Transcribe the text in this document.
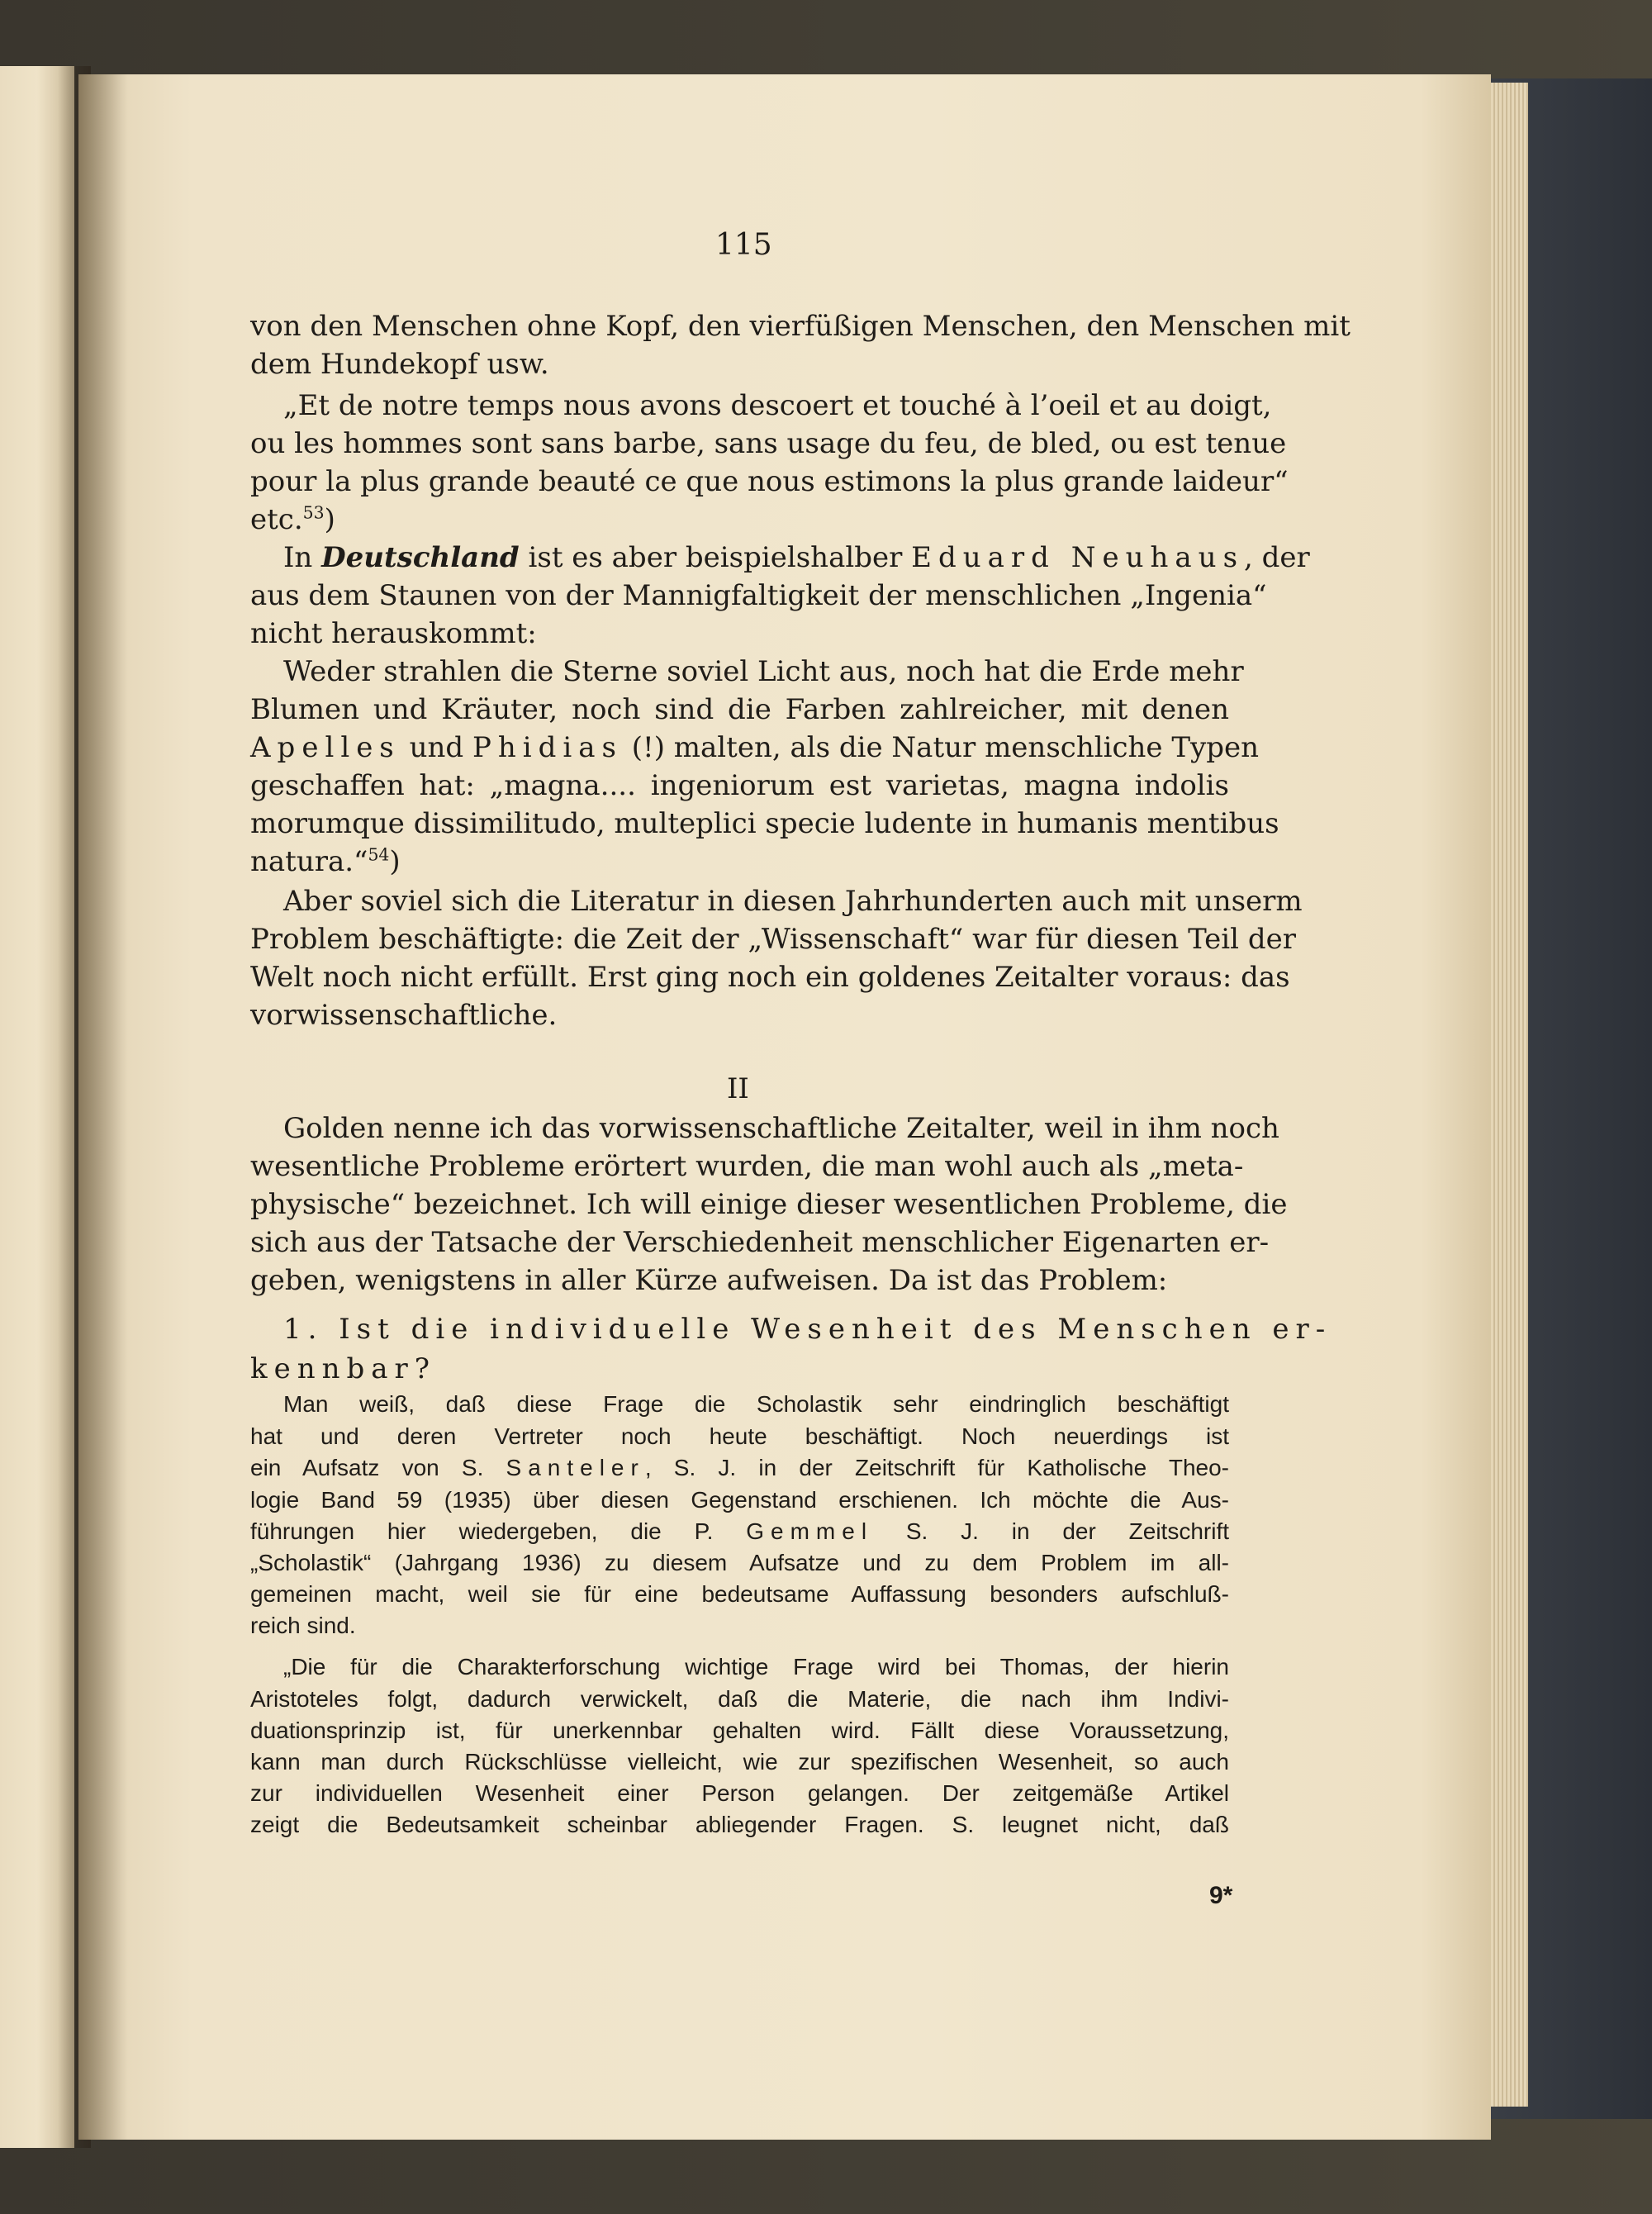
115
von den Menschen ohne Kopf, den vierfüßigen Menschen, den Menschen mit
dem Hundekopf usw.
„Et de notre temps nous avons descoert et touché à l’oeil et au doigt,
ou les hommes sont sans barbe, sans usage du feu, de bled, ou est tenue
pour la plus grande beauté ce que nous estimons la plus grande laideur“
etc.$^{53}$)
In Deutschland ist es aber beispielshalber Eduard Neuhaus, der
aus dem Staunen von der Mannigfaltigkeit der menschlichen „Ingenia“
nicht herauskommt:
Weder strahlen die Sterne soviel Licht aus, noch hat die Erde mehr
Blumen und Kräuter, noch sind die Farben zahlreicher, mit denen
Apelles und Phidias (!) malten, als die Natur menschliche Typen
geschaffen hat: „magna.... ingeniorum est varietas, magna indolis
morumque dissimilitudo, multeplici specie ludente in humanis mentibus
natura.“$^{54}$)
Aber soviel sich die Literatur in diesen Jahrhunderten auch mit unserm
Problem beschäftigte: die Zeit der „Wissenschaft“ war für diesen Teil der
Welt noch nicht erfüllt. Erst ging noch ein goldenes Zeitalter voraus: das
vorwissenschaftliche.
Golden nenne ich das vorwissenschaftliche Zeitalter, weil in ihm noch
wesentliche Probleme erörtert wurden, die man wohl auch als „meta-
physische“ bezeichnet. Ich will einige dieser wesentlichen Probleme, die
sich aus der Tatsache der Verschiedenheit menschlicher Eigenarten er-
geben, wenigstens in aller Kürze aufweisen. Da ist das Problem:
1. Ist die individuelle Wesenheit des Menschen er-
kennbar?
Man weiß, daß diese Frage die Scholastik sehr eindringlich beschäftigt
hat und deren Vertreter noch heute beschäftigt. Noch neuerdings ist
ein Aufsatz von S. Santeler, S. J. in der Zeitschrift für Katholische Theo-
logie Band 59 (1935) über diesen Gegenstand erschienen. Ich möchte die Aus-
führungen hier wiedergeben, die P. Gemmel S. J. in der Zeitschrift
„Scholastik“ (Jahrgang 1936) zu diesem Aufsatze und zu dem Problem im all-
gemeinen macht, weil sie für eine bedeutsame Auffassung besonders aufschluß-
reich sind.
„Die für die Charakterforschung wichtige Frage wird bei Thomas, der hierin
Aristoteles folgt, dadurch verwickelt, daß die Materie, die nach ihm Indivi-
duationsprinzip ist, für unerkennbar gehalten wird. Fällt diese Voraussetzung,
kann man durch Rückschlüsse vielleicht, wie zur spezifischen Wesenheit, so auch
zur individuellen Wesenheit einer Person gelangen. Der zeitgemäße Artikel
zeigt die Bedeutsamkeit scheinbar abliegender Fragen. S. leugnet nicht, daß
II
9*
